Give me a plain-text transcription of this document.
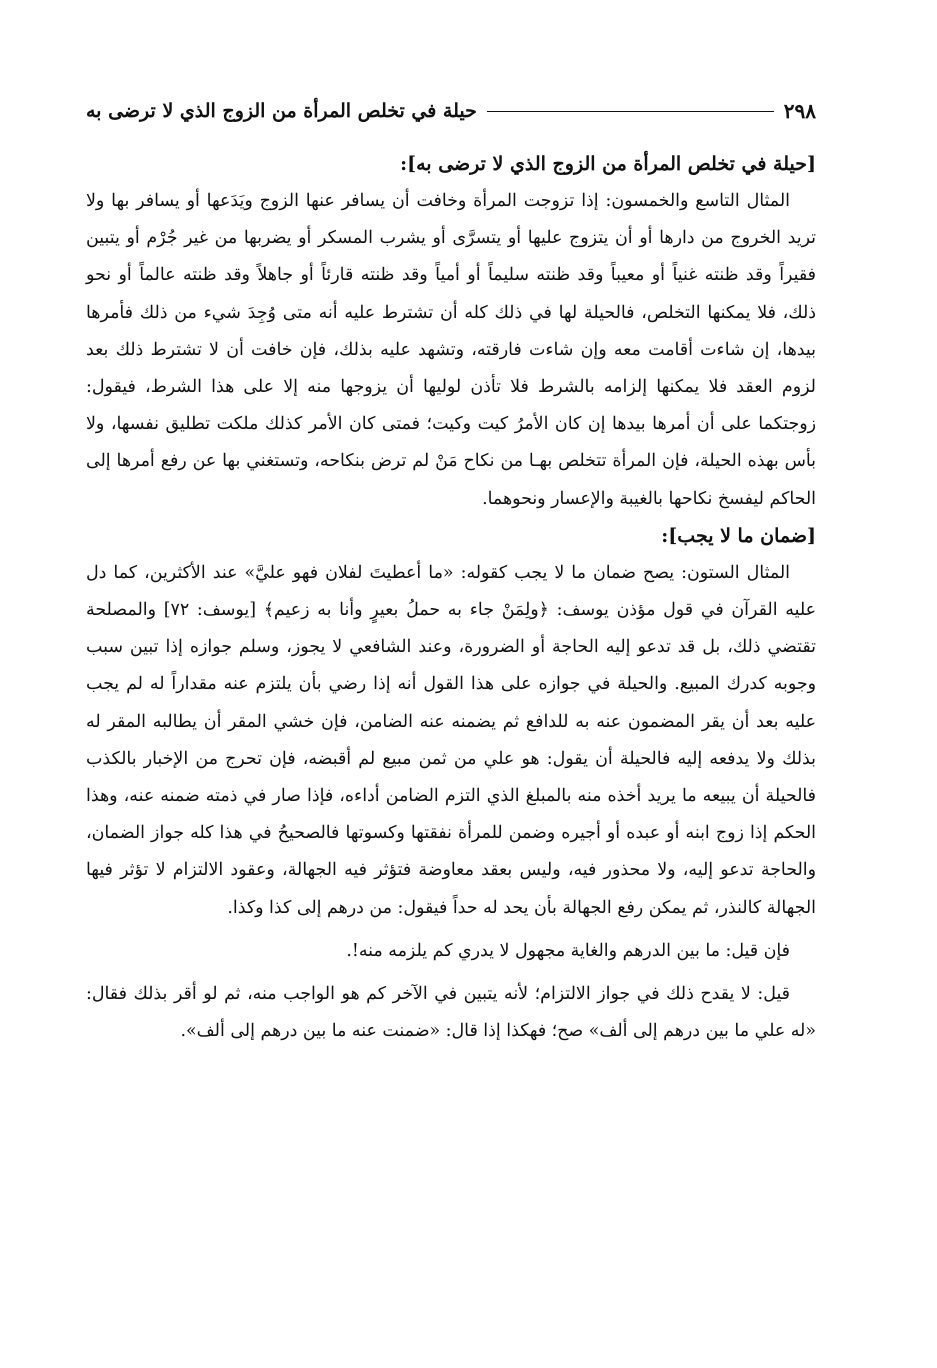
٢٩٨
حيلة في تخلص المرأة من الزوج الذي لا ترضى به
[حيلة في تخلص المرأة من الزوج الذي لا ترضى به]:

المثال التاسع والخمسون: إذا تزوجت المرأة وخافت أن يسافر عنها الزوج ويَدَعها أو يسافر بها ولا تريد الخروج من دارها أو أن يتزوج عليها أو يتسرَّى أو يشرب المسكر أو يضربها من غير جُرْم أو يتبين فقيراً وقد ظنته غنياً أو معيباً وقد ظنته سليماً أو أمياً وقد ظنته قارئاً أو جاهلاً وقد ظنته عالماً أو نحو ذلك، فلا يمكنها التخلص، فالحيلة لها في ذلك كله أن تشترط عليه أنه متى وُجِدَ شيء من ذلك فأمرها بيدها، إن شاءت أقامت معه وإن شاءت فارقته، وتشهد عليه بذلك، فإن خافت أن لا تشترط ذلك بعد لزوم العقد فلا يمكنها إلزامه بالشرط فلا تأذن لوليها أن يزوجها منه إلا على هذا الشرط، فيقول: زوجتكما على أن أمرها بيدها إن كان الأمرُ كيت وكيت؛ فمتى كان الأمر كذلك ملكت تطليق نفسها، ولا بأس بهذه الحيلة، فإن المرأة تتخلص بهـا من نكاح مَنْ لم ترض بنكاحه، وتستغني بها عن رفع أمرها إلى الحاكم ليفسخ نكاحها بالغيبة والإعسار ونحوهما.

[ضمان ما لا يجب]:

المثال الستون: يصح ضمان ما لا يجب كقوله: «ما أعطيتَ لفلان فهو عليَّ» عند الأكثرين، كما دل عليه القرآن في قول مؤذن يوسف: ﴿ولِمَنْ جاء به حملُ بعيرٍ وأنا به زعيم﴾ [يوسف: ٧٢] والمصلحة تقتضي ذلك، بل قد تدعو إليه الحاجة أو الضرورة، وعند الشافعي لا يجوز، وسلم جوازه إذا تبين سبب وجوبه كدرك المبيع. والحيلة في جوازه على هذا القول أنه إذا رضي بأن يلتزم عنه مقداراً له لم يجب عليه بعد أن يقر المضمون عنه به للدافع ثم يضمنه عنه الضامن، فإن خشي المقر أن يطالبه المقر له بذلك ولا يدفعه إليه فالحيلة أن يقول: هو علي من ثمن مبيع لم أقبضه، فإن تحرج من الإخبار بالكذب فالحيلة أن يبيعه ما يريد أخذه منه بالمبلغ الذي التزم الضامن أداءه، فإذا صار في ذمته ضمنه عنه، وهذا الحكم إذا زوج ابنه أو عبده أو أجيره وضمن للمرأة نفقتها وكسوتها فالصحيحُ في هذا كله جواز الضمان، والحاجة تدعو إليه، ولا محذور فيه، وليس بعقد معاوضة فتؤثر فيه الجهالة، وعقود الالتزام لا تؤثر فيها الجهالة كالنذر، ثم يمكن رفع الجهالة بأن يحد له حداً فيقول: من درهم إلى كذا وكذا.

فإن قيل: ما بين الدرهم والغاية مجهول لا يدري كم يلزمه منه!.

قيل: لا يقدح ذلك في جواز الالتزام؛ لأنه يتبين في الآخر كم هو الواجب منه، ثم لو أقر بذلك فقال: «له علي ما بين درهم إلى ألف» صح؛ فهكذا إذا قال: «ضمنت عنه ما بين درهم إلى ألف».
